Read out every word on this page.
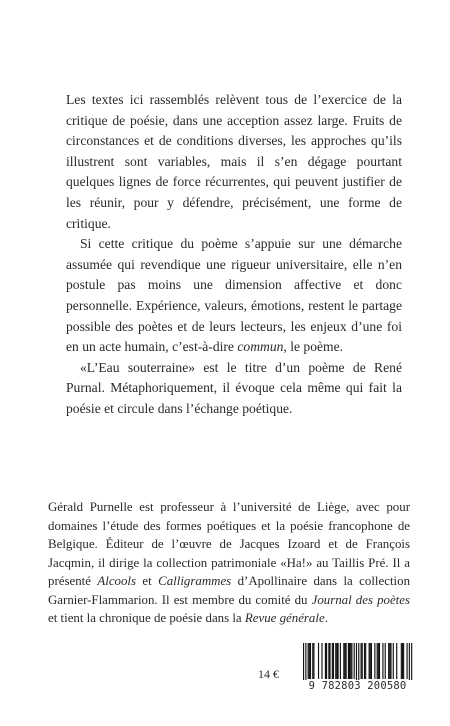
Les textes ici rassemblés relèvent tous de l’exercice de la critique de poésie, dans une acception assez large. Fruits de circonstances et de conditions diverses, les approches qu’ils illustrent sont variables, mais il s’en dégage pourtant quelques lignes de force récurrentes, qui peuvent justifier de les réunir, pour y défendre, précisément, une forme de critique.

Si cette critique du poème s’appuie sur une démarche assumée qui revendique une rigueur universitaire, elle n’en postule pas moins une dimension affective et donc personnelle. Expérience, valeurs, émotions, restent le partage possible des poètes et de leurs lecteurs, les enjeux d’une foi en un acte humain, c’est-à-dire commun, le poème.

«L’Eau souterraine» est le titre d’un poème de René Purnal. Métaphoriquement, il évoque cela même qui fait la poésie et circule dans l’échange poétique.

Gérald Purnelle est professeur à l’université de Liège, avec pour domaines l’étude des formes poétiques et la poésie francophone de Belgique. Éditeur de l’œuvre de Jacques Izoard et de François Jacqmin, il dirige la collection patrimoniale «Ha!» au Taillis Pré. Il a présenté Alcools et Calligrammes d’Apollinaire dans la collection Garnier-Flammarion. Il est membre du comité du Journal des poètes et tient la chronique de poésie dans la Revue générale.

14 €
9 782803 200580
